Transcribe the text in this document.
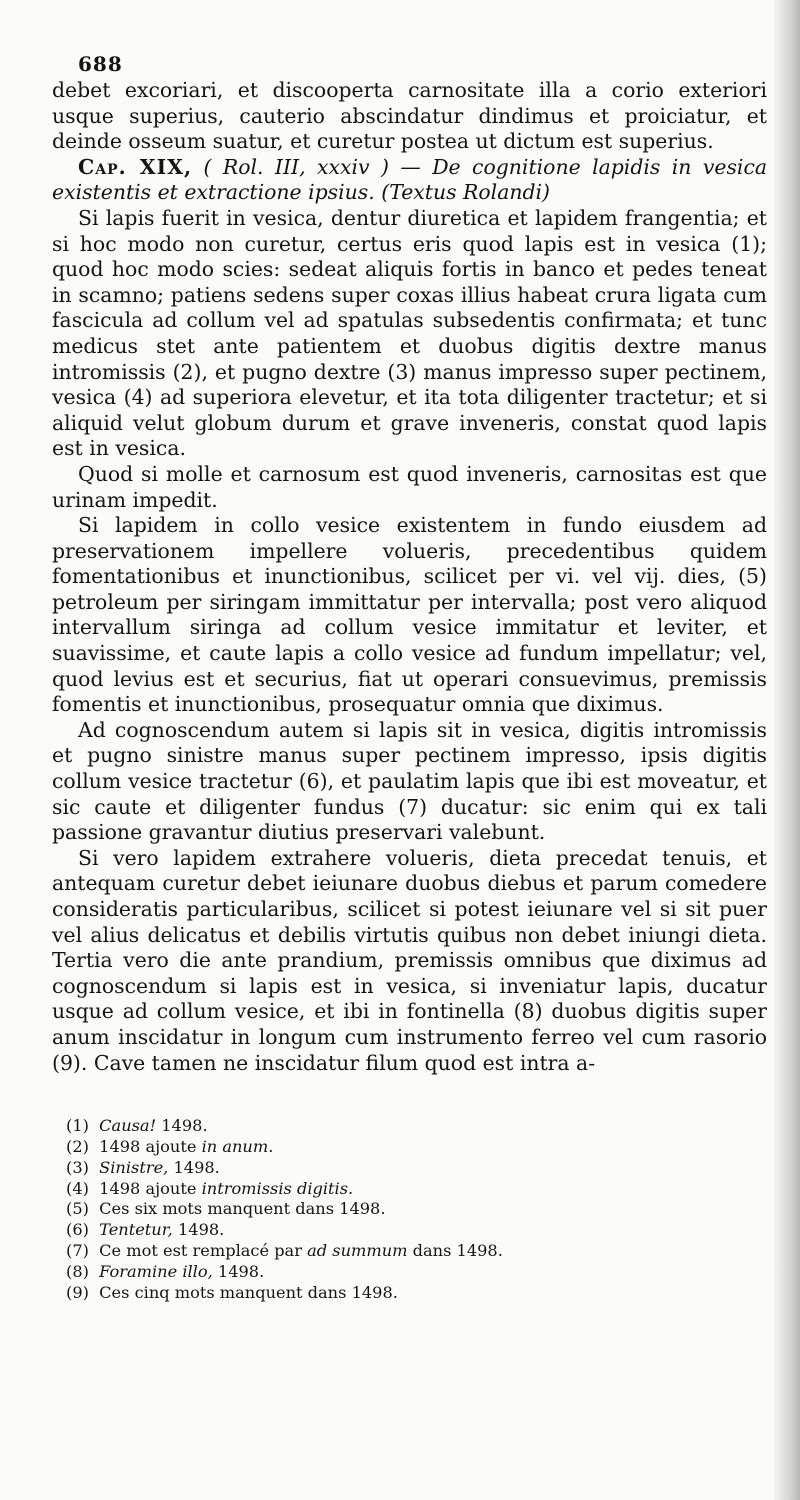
688

debet excoriari, et discooperta carnositate illa a corio exteriori usque superius, cauterio abscindatur dindimus et proiciatur, et deinde osseum suatur, et curetur postea ut dictum est superius.

Cap. XIX, ( Rol. III, xxxiv ) — De cognitione lapidis in vesica existentis et extractione ipsius. (Textus Rolandi)

Si lapis fuerit in vesica, dentur diuretica et lapidem frangentia; et si hoc modo non curetur, certus eris quod lapis est in vesica (1); quod hoc modo scies: sedeat aliquis fortis in banco et pedes teneat in scamno; patiens sedens super coxas illius habeat crura ligata cum fascicula ad collum vel ad spatulas subsedentis confirmata; et tunc medicus stet ante patientem et duobus digitis dextre manus intromissis (2), et pugno dextre (3) manus impresso super pectinem, vesica (4) ad superiora elevetur, et ita tota diligenter tractetur; et si aliquid velut globum durum et grave inveneris, constat quod lapis est in vesica.

Quod si molle et carnosum est quod inveneris, carnositas est que urinam impedit.

Si lapidem in collo vesice existentem in fundo eiusdem ad preservationem impellere volueris, precedentibus quidem fomentationibus et inunctionibus, scilicet per vi. vel vij. dies, (5) petroleum per siringam immittatur per intervalla; post vero aliquod intervallum siringa ad collum vesice immitatur et leviter, et suavissime, et caute lapis a collo vesice ad fundum impellatur; vel, quod levius est et securius, fiat ut operari consuevimus, premissis fomentis et inunctionibus, prosequatur omnia que diximus.

Ad cognoscendum autem si lapis sit in vesica, digitis intromissis et pugno sinistre manus super pectinem impresso, ipsis digitis collum vesice tractetur (6), et paulatim lapis que ibi est moveatur, et sic caute et diligenter fundus (7) ducatur: sic enim qui ex tali passione gravantur diutius preservari valebunt.

Si vero lapidem extrahere volueris, dieta precedat tenuis, et antequam curetur debet ieiunare duobus diebus et parum comedere consideratis particularibus, scilicet si potest ieiunare vel si sit puer vel alius delicatus et debilis virtutis quibus non debet iniungi dieta. Tertia vero die ante prandium, premissis omnibus que diximus ad cognoscendum si lapis est in vesica, si inveniatur lapis, ducatur usque ad collum vesice, et ibi in fontinella (8) duobus digitis super anum inscidatur in longum cum instrumento ferreo vel cum rasorio (9). Cave tamen ne inscidatur filum quod est intra a-

(1) Causa! 1498.
(2) 1498 ajoute in anum.
(3) Sinistre, 1498.
(4) 1498 ajoute intromissis digitis.
(5) Ces six mots manquent dans 1498.
(6) Tentetur, 1498.
(7) Ce mot est remplacé par ad summum dans 1498.
(8) Foramine illo, 1498.
(9) Ces cinq mots manquent dans 1498.
